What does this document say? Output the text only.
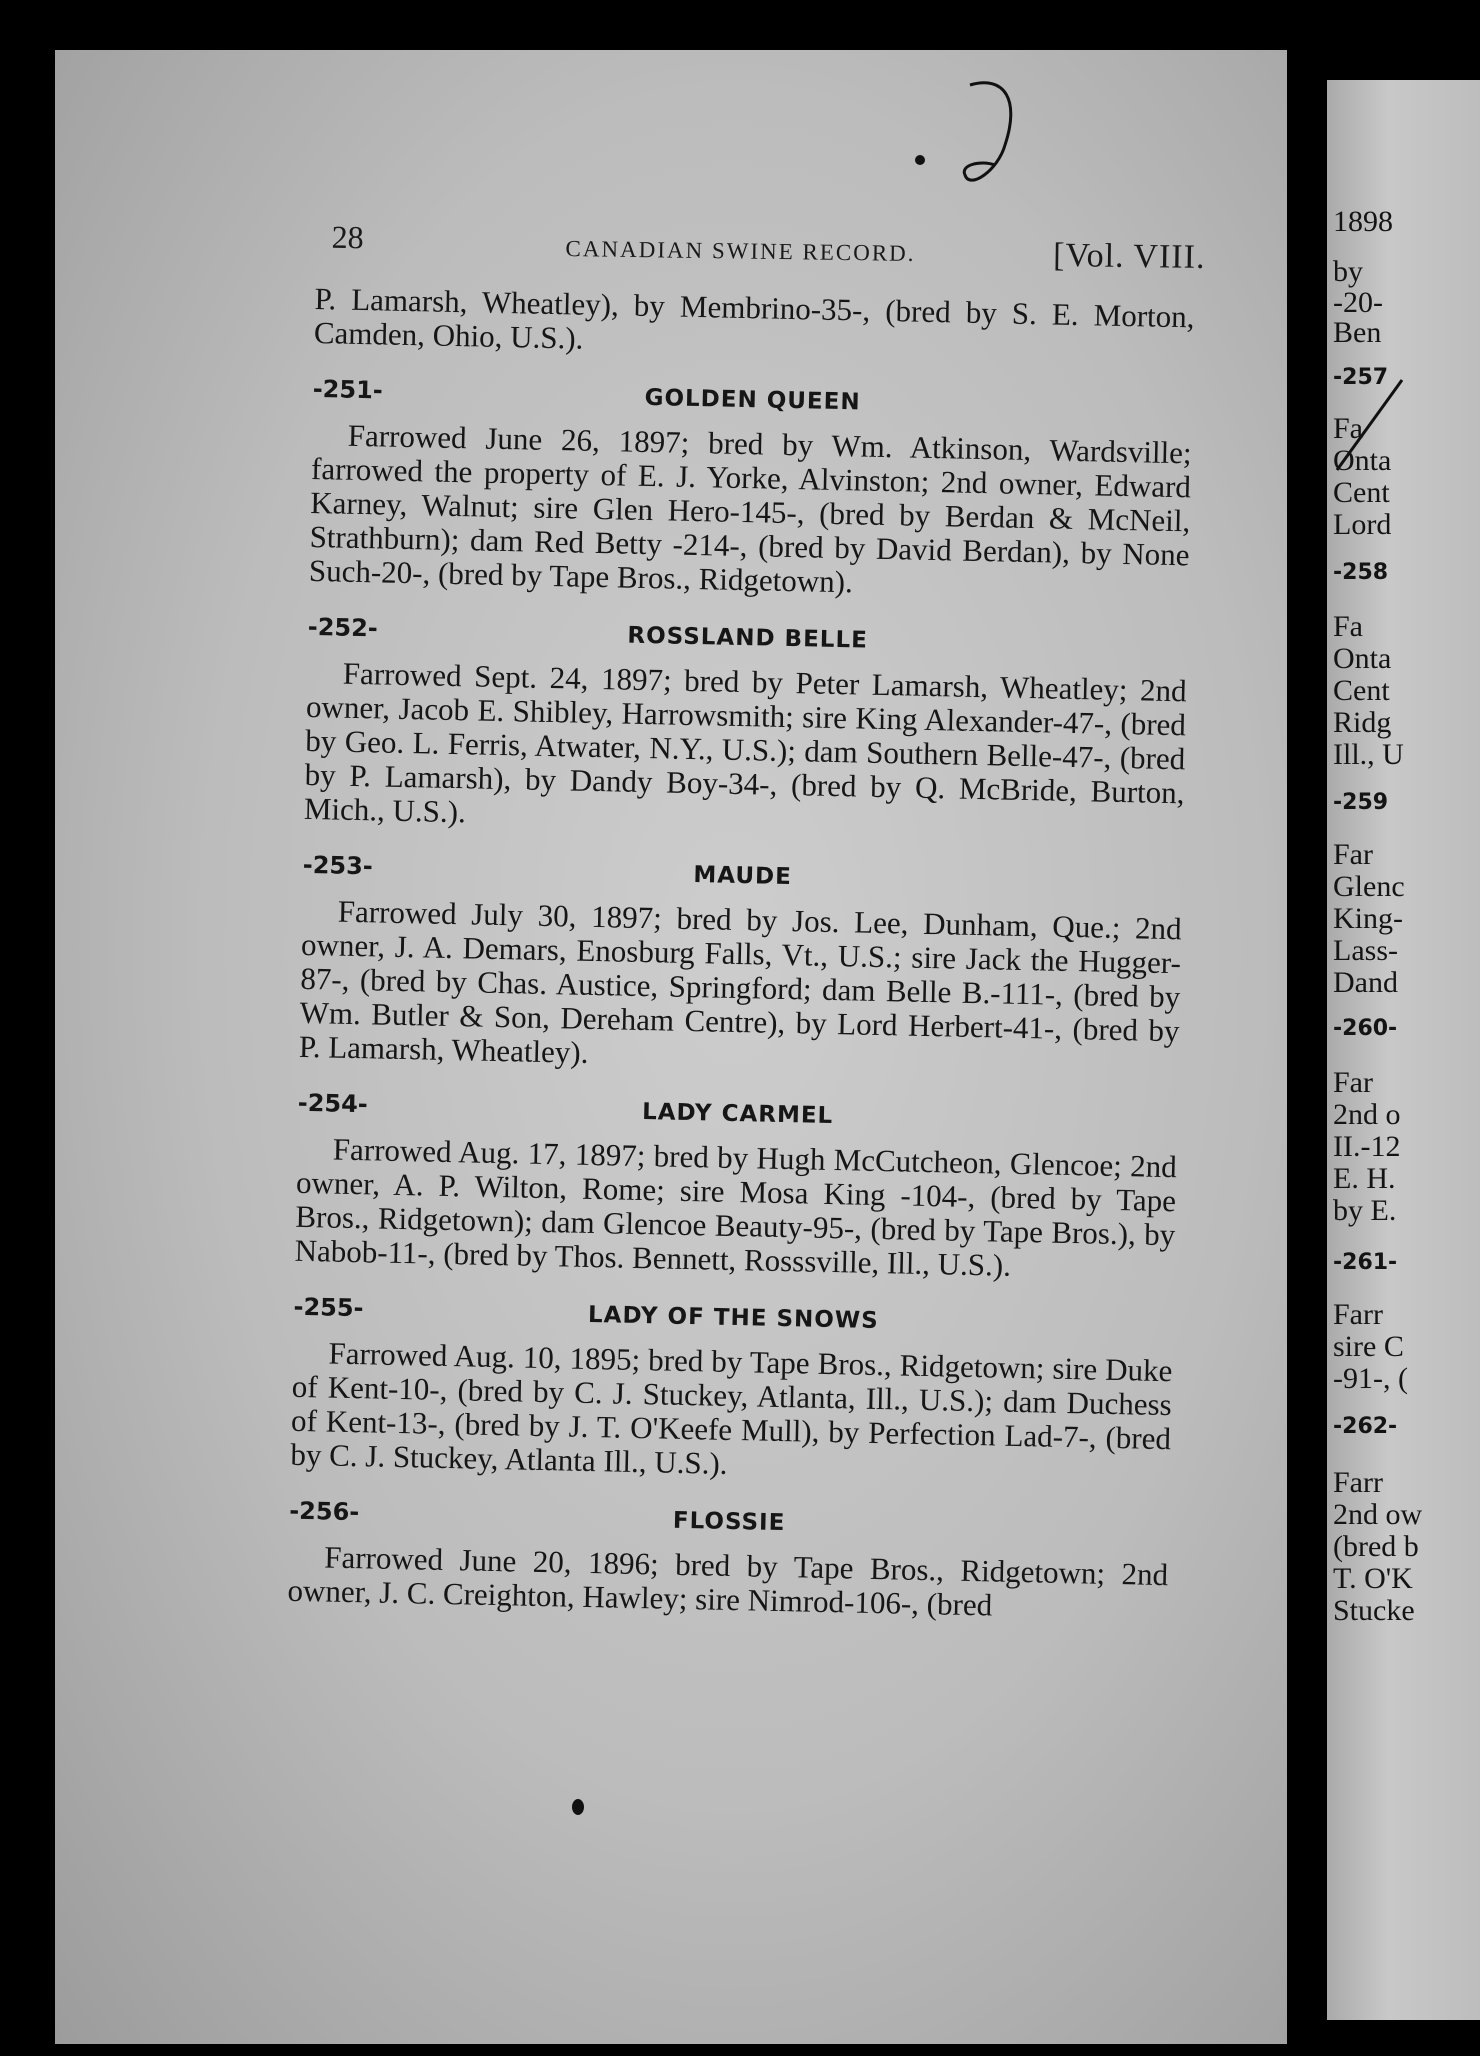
1898
by
-20-
Ben
-257
Fa
Onta
Cent
Lord
-258
Fa
Onta
Cent
Ridg
Ill., U
-259
Far
Glenc
King-
Lass-
Dand
-260-
Far
2nd o
II.-12
E. H.
by E.
-261-
Farr
sire C
-91-, (
-262-
Farr
2nd ow
(bred b
T. O'K
Stucke
28	CANADIAN SWINE RECORD.	[Vol. VIII.

P. Lamarsh, Wheatley), by Membrino-35-, (bred by S. E. Morton, Camden, Ohio, U.S.).

-251-	GOLDEN QUEEN

Farrowed June 26, 1897; bred by Wm. Atkinson, Wardsville; farrowed the property of E. J. Yorke, Alvinston; 2nd owner, Edward Karney, Walnut; sire Glen Hero-145-, (bred by Berdan & McNeil, Strathburn); dam Red Betty -214-, (bred by David Berdan), by None Such-20-, (bred by Tape Bros., Ridgetown).

-252-	ROSSLAND BELLE

Farrowed Sept. 24, 1897; bred by Peter Lamarsh, Wheatley; 2nd owner, Jacob E. Shibley, Harrowsmith; sire King Alexander-47-, (bred by Geo. L. Ferris, Atwater, N.Y., U.S.); dam Southern Belle-47-, (bred by P. Lamarsh), by Dandy Boy-34-, (bred by Q. McBride, Burton, Mich., U.S.).

-253-	MAUDE

Farrowed July 30, 1897; bred by Jos. Lee, Dunham, Que.; 2nd owner, J. A. Demars, Enosburg Falls, Vt., U.S.; sire Jack the Hugger-87-, (bred by Chas. Austice, Springford; dam Belle B.-111-, (bred by Wm. Butler & Son, Dereham Centre), by Lord Herbert-41-, (bred by P. Lamarsh, Wheatley).

-254-	LADY CARMEL

Farrowed Aug. 17, 1897; bred by Hugh McCutcheon, Glencoe; 2nd owner, A. P. Wilton, Rome; sire Mosa King -104-, (bred by Tape Bros., Ridgetown); dam Glencoe Beauty-95-, (bred by Tape Bros.), by Nabob-11-, (bred by Thos. Bennett, Rosssville, Ill., U.S.).

-255-	LADY OF THE SNOWS

Farrowed Aug. 10, 1895; bred by Tape Bros., Ridgetown; sire Duke of Kent-10-, (bred by C. J. Stuckey, Atlanta, Ill., U.S.); dam Duchess of Kent-13-, (bred by J. T. O'Keefe Mull), by Perfection Lad-7-, (bred by C. J. Stuckey, Atlanta Ill., U.S.).

-256-	FLOSSIE

Farrowed June 20, 1896; bred by Tape Bros., Ridgetown; 2nd owner, J. C. Creighton, Hawley; sire Nimrod-106-, (bred
